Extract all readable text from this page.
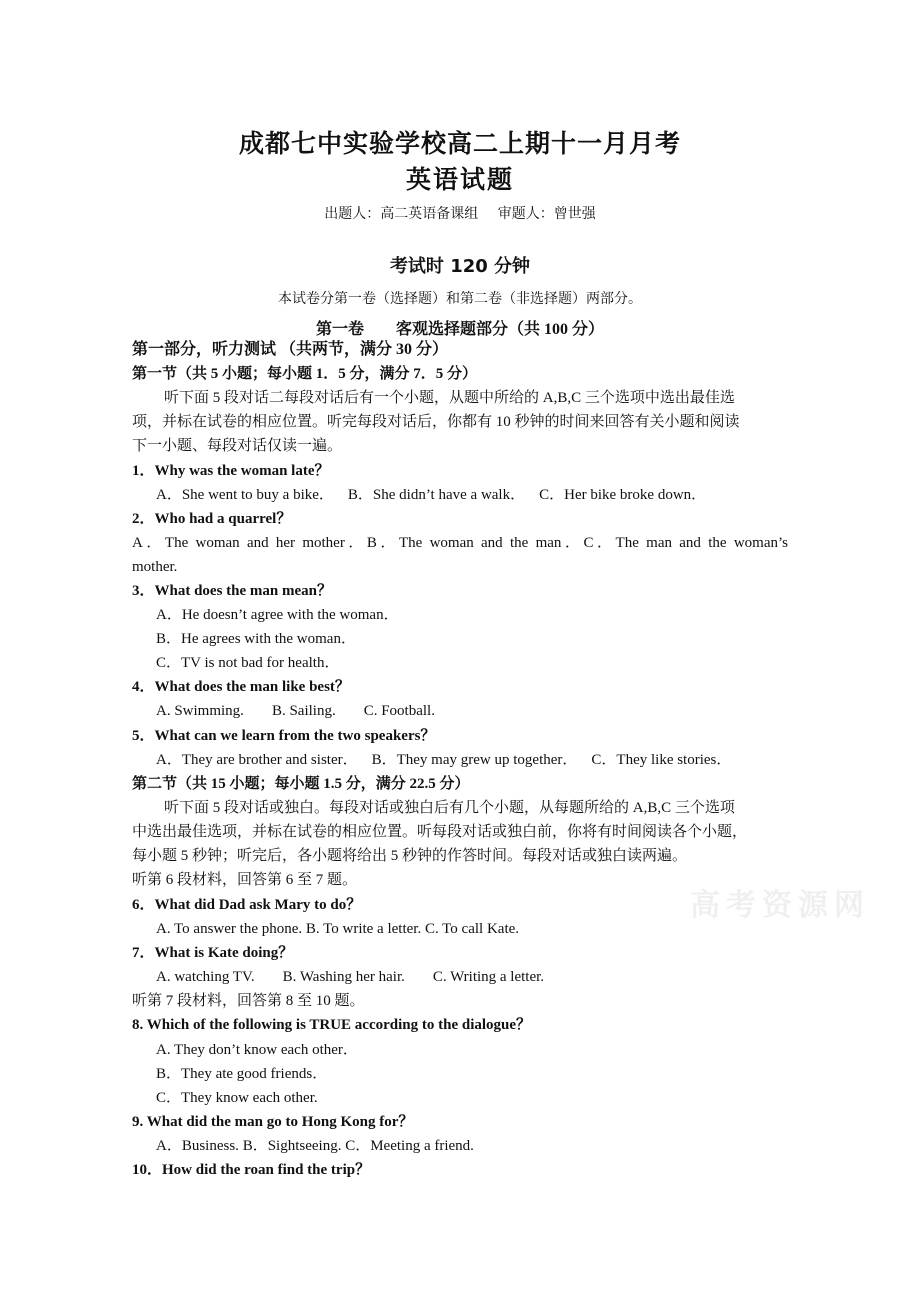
成都七中实验学校高二上期十一月月考
英语试题
出题人：高二英语备课组 审题人：曾世强
考试时 120 分钟
本试卷分第一卷（选择题）和第二卷（非选择题）两部分。
第一卷 客观选择题部分（共 100 分）
第一部分，听力测试 （共两节，满分 30 分）
第一节（共 5 小题；每小题 1．5 分，满分 7．5 分）
听下面 5 段对话二每段对话后有一个小题，从题中所给的 A,B,C 三个选项中选出最佳选
项，并标在试卷的相应位置。听完每段对话后，你都有 10 秒钟的时间来回答有关小题和阅读
下一小题、每段对话仅读一遍。
1．Why was the woman late？
A．She went to buy a bike． B．She didn’t have a walk． C．Her bike broke down．
2．Who had a quarrel？
A．The woman and her mother．B．The woman and the man．C．The man and the woman’s
mother.
3．What does the man mean？
A．He doesn’t agree with the woman．
B．He agrees with the woman．
C．TV is not bad for health．
4．What does the man like best？
A. Swimming. B. Sailing. C. Football.
5．What can we learn from the two speakers？
A．They are brother and sister． B．They may grew up together． C．They like stories．
第二节（共 15 小题；每小题 1.5 分，满分 22.5 分）
听下面 5 段对话或独白。每段对话或独白后有几个小题，从每题所给的 A,B,C 三个选项
中选出最佳选项，并标在试卷的相应位置。听每段对话或独白前，你将有时间阅读各个小题，
每小题 5 秒钟；听完后，各小题将给出 5 秒钟的作答时间。每段对话或独白读两遍。
听第 6 段材料，回答第 6 至 7 题。
6．What did Dad ask Mary to do？
A. To answer the phone. B. To write a letter. C. To call Kate.
7．What is Kate doing？
A. watching TV. B. Washing her hair. C. Writing a letter.
听第 7 段材料，回答第 8 至 10 题。
8. Which of the following is TRUE according to the dialogue？
A. They don’t know each other．
B．They ate good friends．
C．They know each other.
9. What did the man go to Hong Kong for？
A．Business. B．Sightseeing. C．Meeting a friend.
10．How did the roan find the trip？
高考资源网
